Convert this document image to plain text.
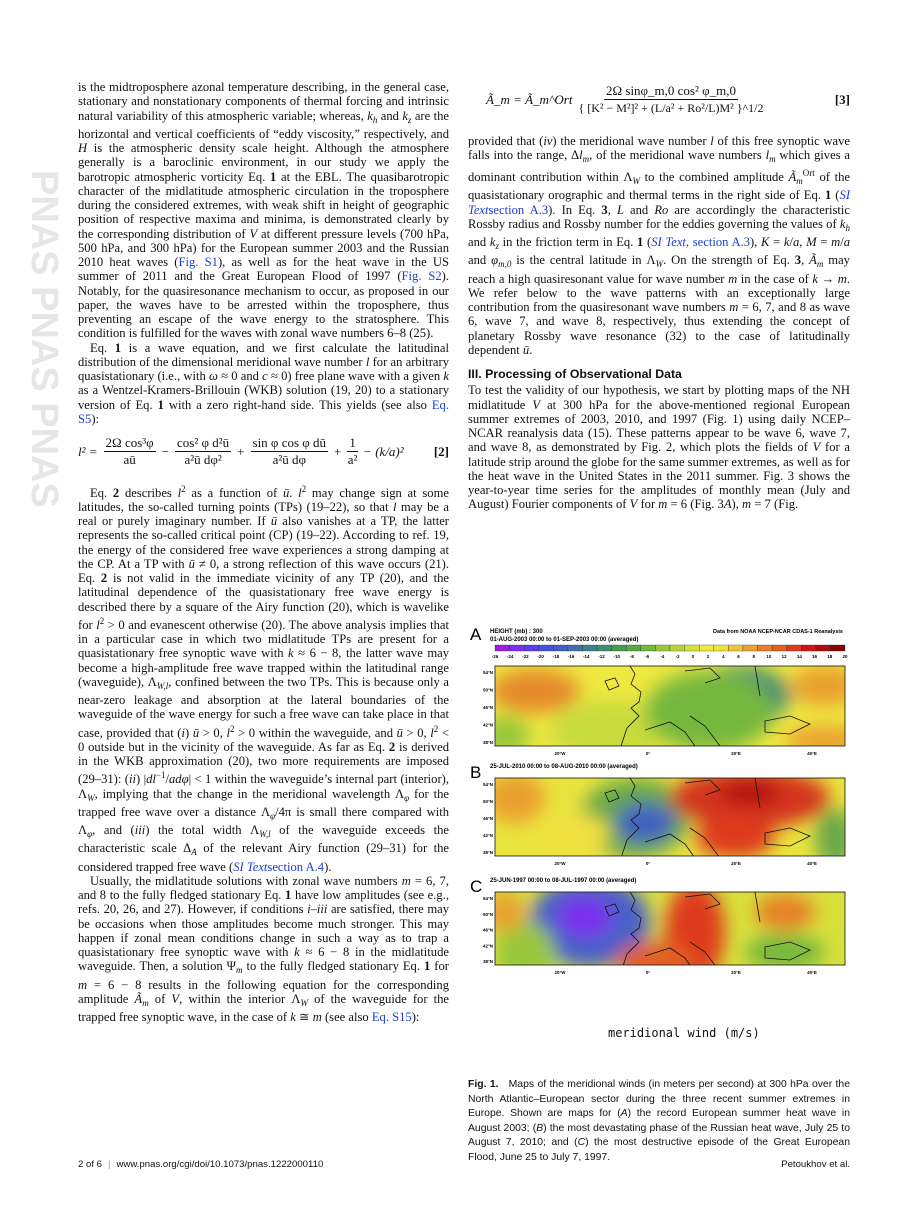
PNAS PNAS PNAS

is the midtroposphere azonal temperature describing, in the general case, stationary and nonstationary components of thermal forcing and intrinsic natural variability of this atmospheric variable; whereas, $k_h$ and $k_z$ are the horizontal and vertical coefficients of “eddy viscosity,” respectively, and H is the atmospheric density scale height. Although the atmosphere generally is a baroclinic environment, in our study we apply the barotropic atmospheric vorticity Eq. 1 at the EBL. The quasibarotropic character of the midlatitude atmospheric circulation in the troposphere during the considered extremes, with weak shift in height of geographic position of respective maxima and minima, is demonstrated clearly by the corresponding distribution of V at different pressure levels (700 hPa, 500 hPa, and 300 hPa) for the European summer 2003 and the Russian 2010 heat waves (Fig. S1), as well as for the heat wave in the US summer of 2011 and the Great European Flood of 1997 (Fig. S2). Notably, for the quasiresonance mechanism to occur, as proposed in our paper, the waves have to be arrested within the troposphere, thus preventing an escape of the wave energy to the stratosphere. This condition is fulfilled for the waves with zonal wave numbers 6–8 (25).

Eq. 1 is a wave equation, and we first calculate the latitudinal distribution of the dimensional meridional wave number l for an arbitrary quasistationary (i.e., with ω ≈ 0 and c ≈ 0) free plane wave with a given k as a Wentzel-Kramers-Brillouin (WKB) solution (19, 20) to a stationary version of Eq. 1 with a zero right-hand side. This yields (see also Eq. S5):

$l^2 = \frac{\text{2Ω cos³φ}}{aū} - \frac{\text{cos² φ d²ū}}{\text{a²ū dφ²}} + \frac{\text{sin φ cos φ dū}}{\text{a²ū dφ}} + \frac{1}{\text{a²}} - (k/a)^2$ [2]

Eq. 2 describes $l^2$ as a function of ū. $l^2$ may change sign at some latitudes, the so-called turning points (TPs) (19–22), so that l may be a real or purely imaginary number. If ū also vanishes at a TP, the latter represents the so-called critical point (CP) (19–22). According to ref. 19, the energy of the considered free wave experiences a strong damping at the CP. At a TP with ū ≠ 0, a strong reflection of this wave occurs (21). Eq. 2 is not valid in the immediate vicinity of any TP (20), and the latitudinal dependence of the quasistationary free wave energy is described there by a square of the Airy function (20), which is wavelike for $l^2 > 0$ and evanescent otherwise (20). The above analysis implies that in a particular case in which two midlatitude TPs are present for a quasistationary free synoptic wave with k ≈ 6 − 8, the latter wave may become a high-amplitude free wave trapped within the latitudinal range (waveguide), $\Lambda_{W,l}$, confined between the two TPs. This is because only a near-zero leakage and absorption at the lateral boundaries of the waveguide of the wave energy for such a free wave can take place in that case, provided that (i) ū > 0, $l^2 > 0$ within the waveguide, and ū > 0, $l^2 < 0$ outside but in the vicinity of the waveguide. As far as Eq. 2 is derived in the WKB approximation (20), two more requirements are imposed (29–31): (ii) $|dl^{-1}/ad\varphi| < 1$ within the waveguide’s internal part (interior), $\Lambda_W$, implying that the change in the meridional wavelength $\Lambda_\varphi$ for the trapped free wave over a distance $\Lambda_\varphi/4\pi$ is small there compared with $\Lambda_\varphi$, and (iii) the total width $\Lambda_{W,l}$ of the waveguide exceeds the characteristic scale $\Delta_A$ of the relevant Airy function (29–31) for the considered trapped free wave (SI Textsection A.4).

Usually, the midlatitude solutions with zonal wave numbers m = 6, 7, and 8 to the fully fledged stationary Eq. 1 have low amplitudes (see e.g., refs. 20, 26, and 27). However, if conditions i–iii are satisfied, there may be occasions when those amplitudes become much stronger. This may happen if zonal mean conditions change in such a way as to trap a quasistationary free synoptic wave with k ≈ 6 − 8 in the midlatitude waveguide. Then, a solution $\Psi_m$ to the fully fledged stationary Eq. 1 for m = 6 − 8 results in the following equation for the corresponding amplitude $Ã_m$ of V, within the interior $\Lambda_W$ of the waveguide for the trapped free synoptic wave, in the case of k ≅ m (see also Eq. S15):

Ã_m = Ã_m^Ort $\frac{\text{2Ω sinφ\_m,0 cos² φ\_m,0}}{\text{\{ [K² − M²]² + (L/a² + Ro²/L)M² \}\textasciicircum{}1/2}}$	[3]

provided that (iv) the meridional wave number l of this free synoptic wave falls into the range, $\Delta l_m$, of the meridional wave numbers $l_m$ which gives a dominant contribution within $\Lambda_W$ to the combined amplitude $Ã_m^{Ort}$ of the quasistationary orographic and thermal terms in the right side of Eq. 1 (SI Textsection A.3). In Eq. 3, L and Ro are accordingly the characteristic Rossby radius and Rossby number for the eddies governing the values of $k_h$ and $k_z$ in the friction term in Eq. 1 (SI Text, section A.3), K = k/a, M = m/a and $\varphi_{m,0}$ is the central latitude in $\Lambda_W$. On the strength of Eq. 3, $Ã_m$ may reach a high quasiresonant value for wave number m in the case of k → m. We refer below to the wave patterns with an exceptionally large contribution from the quasiresonant wave numbers m = 6, 7, and 8 as wave 6, wave 7, and wave 8, respectively, thus extending the concept of planetary Rossby wave resonance (32) to the case of latitudinally dependent ū.

III. Processing of Observational Data

To test the validity of our hypothesis, we start by plotting maps of the NH midlatitude V at 300 hPa for the above-mentioned regional European summer extremes of 2003, 2010, and 1997 (Fig. 1) using daily NCEP–NCAR reanalysis data (15). These patterns appear to be wave 6, wave 7, and wave 8, as demonstrated by Fig. 2, which plots the fields of V for a latitude strip around the globe for the same summer extremes, as well as for the heat wave in the United States in the 2011 summer. Fig. 3 shows the year-to-year time series for the amplitudes of monthly mean (July and August) Fourier components of V for m = 6 (Fig. 3A), m = 7 (Fig.

A HEIGHT (mb) : 300	Data from NOAA NCEP-NCAR CDAS-1 Reanalysis
01-AUG-2003 00:00 to 01-SEP-2003 00:00 (averaged)
-26 -24 -22 -20 -18 -16 -14 -12 -10 -8 -6 -4 -2	0	2	4	6	8	10 12 14 16 18 20
54°N
50°N
46°N
42°N
38°N
20°W	0°	20°E	40°E
B 25-JUL-2010 00:00 to 08-AUG-2010 00:00 (averaged)
54°N
50°N
46°N
42°N
38°N
20°W	0°	20°E	40°E
C 25-JUN-1997 00:00 to 08-JUL-1997 00:00 (averaged)
54°N
50°N
46°N
42°N
38°N
20°W	0°	20°E	40°E
meridional wind (m/s)
Fig. 1. Maps of the meridional winds (in meters per second) at 300 hPa over the North Atlantic–European sector during the three recent summer extremes in Europe. Shown are maps for (A) the record European summer heat wave in August 2003; (B) the most devastating phase of the Russian heat wave, July 25 to August 7, 2010; and (C) the most destructive episode of the Great European Flood, June 25 to July 7, 1997.
2 of 6 | www.pnas.org/cgi/doi/10.1073/pnas.1222000110	Petoukhov et al.
